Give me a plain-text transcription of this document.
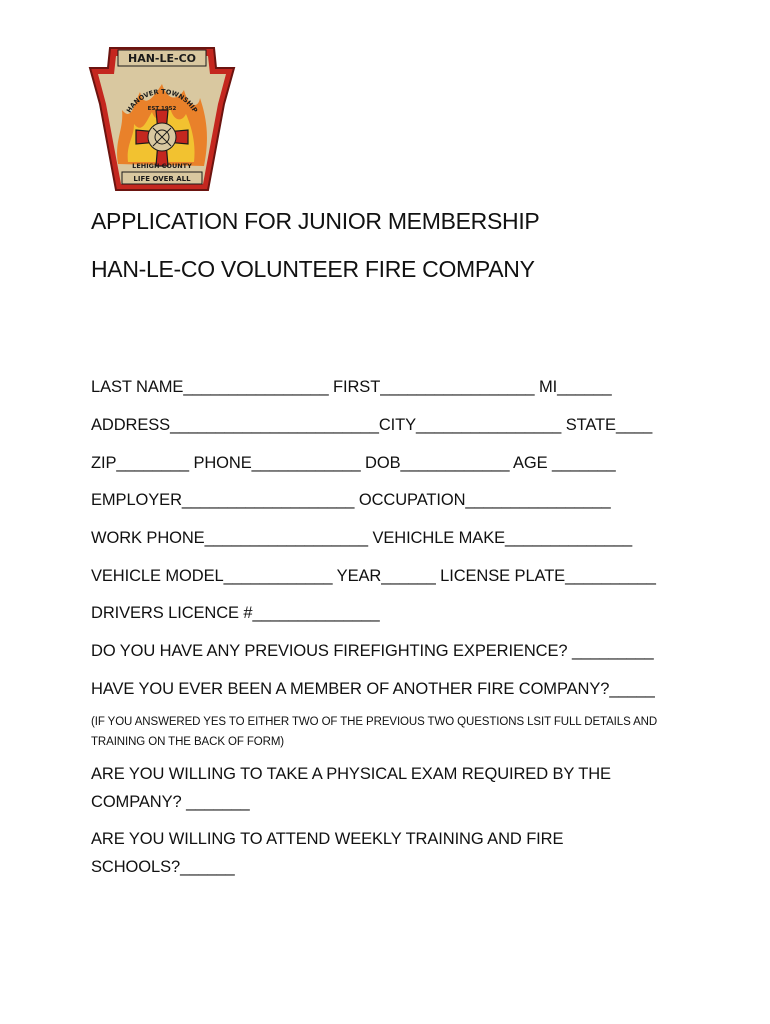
HAN-LE-CO
HANOVER TOWNSHIP
EST 1952
LEHIGH COUNTY
LIFE OVER ALL
APPLICATION FOR JUNIOR MEMBERSHIP
HAN-LE-CO VOLUNTEER FIRE COMPANY
LAST NAME________________ FIRST_________________ MI______
ADDRESS_______________________CITY________________ STATE____
ZIP________ PHONE____________ DOB____________ AGE _______
EMPLOYER___________________ OCCUPATION________________
WORK PHONE__________________ VEHICHLE MAKE______________
VEHICLE MODEL____________ YEAR______ LICENSE PLATE__________
DRIVERS LICENCE #______________
DO YOU HAVE ANY PREVIOUS FIREFIGHTING EXPERIENCE? _________
HAVE YOU EVER BEEN A MEMBER OF ANOTHER FIRE COMPANY?_____
(IF YOU ANSWERED YES TO EITHER TWO OF THE PREVIOUS TWO QUESTIONS LSIT FULL DETAILS AND TRAINING ON THE BACK OF FORM)
ARE YOU WILLING TO TAKE A PHYSICAL EXAM REQUIRED BY THE COMPANY? _______
ARE YOU WILLING TO ATTEND WEEKLY TRAINING AND FIRE SCHOOLS?______
